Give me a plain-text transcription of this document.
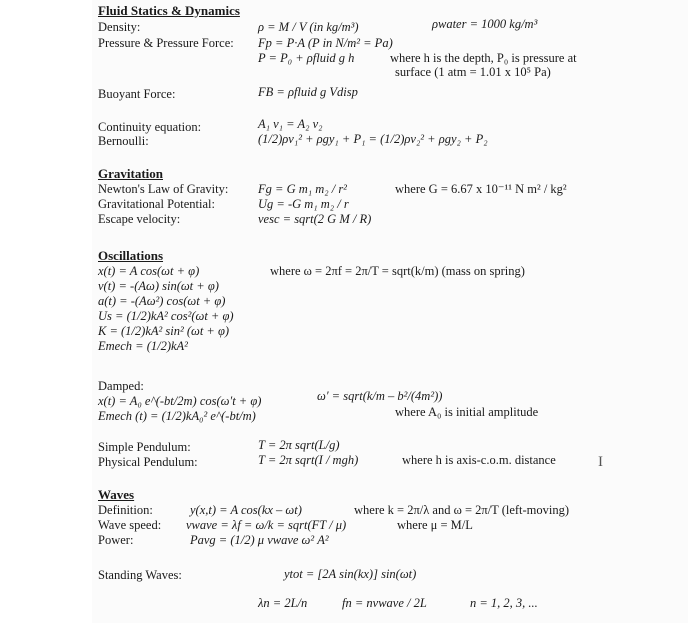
Fluid Statics & Dynamics
Density:	ρ = M / V (in kg/m³)	ρwater = 1000 kg/m³
Pressure & Pressure Force: Fp = P·A (P in N/m² = Pa)
P = P₀ + ρfluid g h	where h is the depth, P₀ is pressure at
surface (1 atm = 1.01 x 10⁵ Pa)
Buoyant Force:	FB = ρfluid g Vdisp
Continuity equation:	A₁ v₁ = A₂ v₂
Bernoulli:	(1/2)ρv₁² + ρgy₁ + P₁ = (1/2)ρv₂² + ρgy₂ + P₂
Gravitation
Newton's Law of Gravity: Fg = G m₁ m₂ / r²	where G = 6.67 x 10⁻¹¹ N m² / kg²
Gravitational Potential:	Ug = -G m₁ m₂ / r
Escape velocity:	vesc = sqrt(2 G M / R)
Oscillations
x(t) = A cos(ωt + φ)	where ω = 2πf = 2π/T = sqrt(k/m) (mass on spring)
v(t) = -(Aω) sin(ωt + φ)
a(t) = -(Aω²) cos(ωt + φ)
Us = (1/2)kA² cos²(ωt + φ)
K = (1/2)kA² sin² (ωt + φ)
Emech = (1/2)kA²
Damped:
x(t) = A₀ e^(-bt/2m) cos(ω′t + φ)	ω′ = sqrt(k/m – b²/(4m²))
Emech (t) = (1/2)kA₀² e^(-bt/m)	where A₀ is initial amplitude
Simple Pendulum:	T = 2π sqrt(L/g)
Physical Pendulum:	T = 2π sqrt(I / mgh)	where h is axis-c.o.m. distance
Waves
Definition:	y(x,t) = A cos(kx – ωt)	where k = 2π/λ and ω = 2π/T (left-moving)
Wave speed: vwave = λf = ω/k = sqrt(FT / μ)	where μ = M/L
Power:	Pavg = (1/2) μ vwave ω² A²
Standing Waves:	ytot = [2A sin(kx)] sin(ωt)
λn = 2L/n	fn = nvwave / 2L	n = 1, 2, 3, ...
I
